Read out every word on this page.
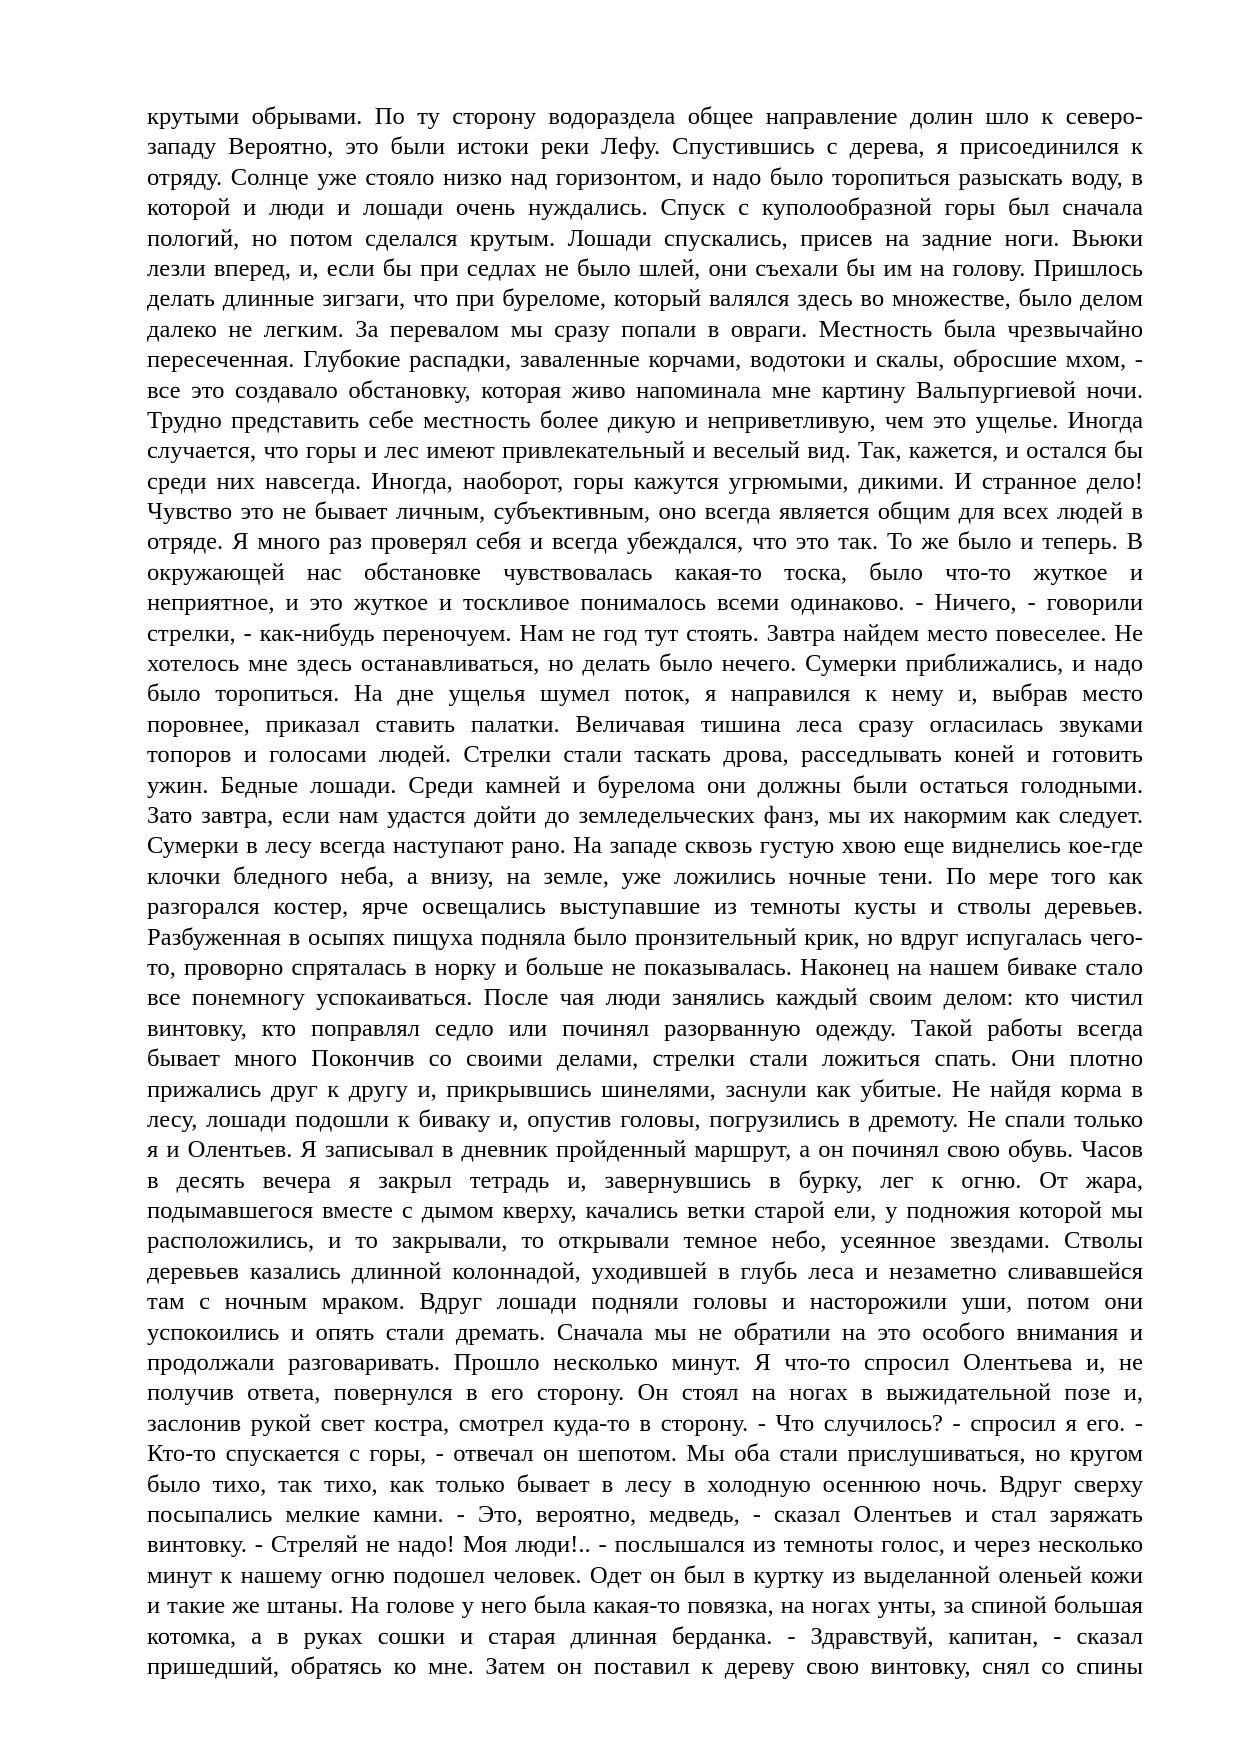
крутыми обрывами. По ту сторону водораздела общее направление долин шло к северо-
западу Вероятно, это были истоки реки Лефу. Спустившись с дерева, я присоединился к
отряду. Солнце уже стояло низко над горизонтом, и надо было торопиться разыскать воду, в
которой и люди и лошади очень нуждались. Спуск с куполообразной горы был сначала
пологий, но потом сделался крутым. Лошади спускались, присев на задние ноги. Вьюки
лезли вперед, и, если бы при седлах не было шлей, они съехали бы им на голову. Пришлось
делать длинные зигзаги, что при буреломе, который валялся здесь во множестве, было делом
далеко не легким. За перевалом мы сразу попали в овраги. Местность была чрезвычайно
пересеченная. Глубокие распадки, заваленные корчами, водотоки и скалы, обросшие мхом, -
все это создавало обстановку, которая живо напоминала мне картину Вальпургиевой ночи.
Трудно представить себе местность более дикую и неприветливую, чем это ущелье. Иногда
случается, что горы и лес имеют привлекательный и веселый вид. Так, кажется, и остался бы
среди них навсегда. Иногда, наоборот, горы кажутся угрюмыми, дикими. И странное дело!
Чувство это не бывает личным, субъективным, оно всегда является общим для всех людей в
отряде. Я много раз проверял себя и всегда убеждался, что это так. То же было и теперь. В
окружающей нас обстановке чувствовалась какая-то тоска, было что-то жуткое и
неприятное, и это жуткое и тоскливое понималось всеми одинаково. - Ничего, - говорили
стрелки, - как-нибудь переночуем. Нам не год тут стоять. Завтра найдем место повеселее. Не
хотелось мне здесь останавливаться, но делать было нечего. Сумерки приближались, и надо
было торопиться. На дне ущелья шумел поток, я направился к нему и, выбрав место
поровнее, приказал ставить палатки. Величавая тишина леса сразу огласилась звуками
топоров и голосами людей. Стрелки стали таскать дрова, расседлывать коней и готовить
ужин. Бедные лошади. Среди камней и бурелома они должны были остаться голодными.
Зато завтра, если нам удастся дойти до земледельческих фанз, мы их накормим как следует.
Сумерки в лесу всегда наступают рано. На западе сквозь густую хвою еще виднелись кое-где
клочки бледного неба, а внизу, на земле, уже ложились ночные тени. По мере того как
разгорался костер, ярче освещались выступавшие из темноты кусты и стволы деревьев.
Разбуженная в осыпях пищуха подняла было пронзительный крик, но вдруг испугалась чего-
то, проворно спряталась в норку и больше не показывалась. Наконец на нашем биваке стало
все понемногу успокаиваться. После чая люди занялись каждый своим делом: кто чистил
винтовку, кто поправлял седло или починял разорванную одежду. Такой работы всегда
бывает много Покончив со своими делами, стрелки стали ложиться спать. Они плотно
прижались друг к другу и, прикрывшись шинелями, заснули как убитые. Не найдя корма в
лесу, лошади подошли к биваку и, опустив головы, погрузились в дремоту. Не спали только
я и Олентьев. Я записывал в дневник пройденный маршрут, а он починял свою обувь. Часов
в десять вечера я закрыл тетрадь и, завернувшись в бурку, лег к огню. От жара,
подымавшегося вместе с дымом кверху, качались ветки старой ели, у подножия которой мы
расположились, и то закрывали, то открывали темное небо, усеянное звездами. Стволы
деревьев казались длинной колоннадой, уходившей в глубь леса и незаметно сливавшейся
там с ночным мраком. Вдруг лошади подняли головы и насторожили уши, потом они
успокоились и опять стали дремать. Сначала мы не обратили на это особого внимания и
продолжали разговаривать. Прошло несколько минут. Я что-то спросил Олентьева и, не
получив ответа, повернулся в его сторону. Он стоял на ногах в выжидательной позе и,
заслонив рукой свет костра, смотрел куда-то в сторону. - Что случилось? - спросил я его. -
Кто-то спускается с горы, - отвечал он шепотом. Мы оба стали прислушиваться, но кругом
было тихо, так тихо, как только бывает в лесу в холодную осеннюю ночь. Вдруг сверху
посыпались мелкие камни. - Это, вероятно, медведь, - сказал Олентьев и стал заряжать
винтовку. - Стреляй не надо! Моя люди!.. - послышался из темноты голос, и через несколько
минут к нашему огню подошел человек. Одет он был в куртку из выделанной оленьей кожи
и такие же штаны. На голове у него была какая-то повязка, на ногах унты, за спиной большая
котомка, а в руках сошки и старая длинная берданка. - Здравствуй, капитан, - сказал
пришедший, обратясь ко мне. Затем он поставил к дереву свою винтовку, снял со спины
